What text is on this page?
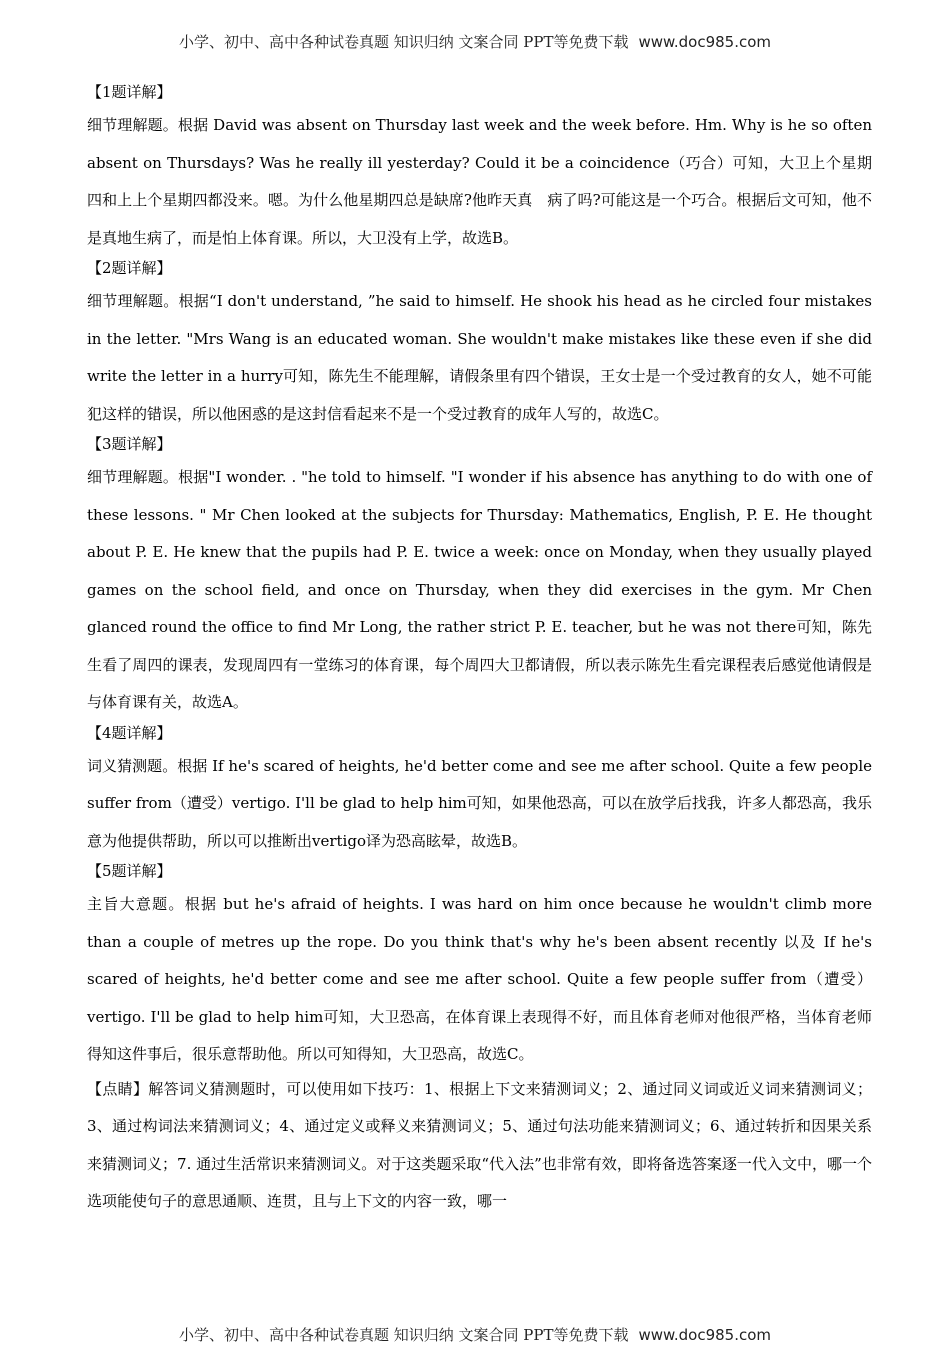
小学、初中、高中各种试卷真题 知识归纳 文案合同 PPT等免费下载 www.doc985.com

【1题详解】

细节理解题。根据 David was absent on Thursday last week and the week before. Hm. Why is he so often absent on Thursdays? Was he really ill yesterday? Could it be a coincidence（巧合）可知，大卫上个星期四和上上个星期四都没来。嗯。为什么他星期四总是缺席?他昨天真　病了吗?可能这是一个巧合。根据后文可知，他不是真地生病了，而是怕上体育课。所以，大卫没有上学，故选B。

【2题详解】

细节理解题。根据“I don't understand, ”he said to himself. He shook his head as he circled four mistakes in the letter. "Mrs Wang is an educated woman. She wouldn't make mistakes like these even if she did write the letter in a hurry可知，陈先生不能理解，请假条里有四个错误，王女士是一个受过教育的女人，她不可能犯这样的错误，所以他困惑的是这封信看起来不是一个受过教育的成年人写的，故选C。

【3题详解】

细节理解题。根据"I wonder. . "he told to himself. "I wonder if his absence has anything to do with one of these lessons. " Mr Chen looked at the subjects for Thursday: Mathematics, English, P. E. He thought about P. E. He knew that the pupils had P. E. twice a week: once on Monday, when they usually played games on the school field, and once on Thursday, when they did exercises in the gym. Mr Chen glanced round the office to find Mr Long, the rather strict P. E. teacher, but he was not there可知，陈先生看了周四的课表，发现周四有一堂练习的体育课，每个周四大卫都请假，所以表示陈先生看完课程表后感觉他请假是与体育课有关，故选A。

【4题详解】

词义猜测题。根据 If he's scared of heights, he'd better come and see me after school. Quite a few people suffer from（遭受）vertigo. I'll be glad to help him可知，如果他恐高，可以在放学后找我，许多人都恐高，我乐意为他提供帮助，所以可以推断出vertigo译为恐高眩晕，故选B。

【5题详解】

主旨大意题。根据 but he's afraid of heights. I was hard on him once because he wouldn't climb more than a couple of metres up the rope. Do you think that's why he's been absent recently 以及 If he's scared of heights, he'd better come and see me after school. Quite a few people suffer from（遭受）vertigo. I'll be glad to help him可知，大卫恐高，在体育课上表现得不好，而且体育老师对他很严格，当体育老师得知这件事后，很乐意帮助他。所以可知得知，大卫恐高，故选C。

【点睛】解答词义猜测题时，可以使用如下技巧：1、根据上下文来猜测词义；2、通过同义词或近义词来猜测词义；3、通过构词法来猜测词义；4、通过定义或释义来猜测词义；5、通过句法功能来猜测词义；6、通过转折和因果关系来猜测词义；7. 通过生活常识来猜测词义。对于这类题采取“代入法”也非常有效，即将备选答案逐一代入文中，哪一个选项能使句子的意思通顺、连贯，且与上下文的内容一致，哪一

小学、初中、高中各种试卷真题 知识归纳 文案合同 PPT等免费下载 www.doc985.com
